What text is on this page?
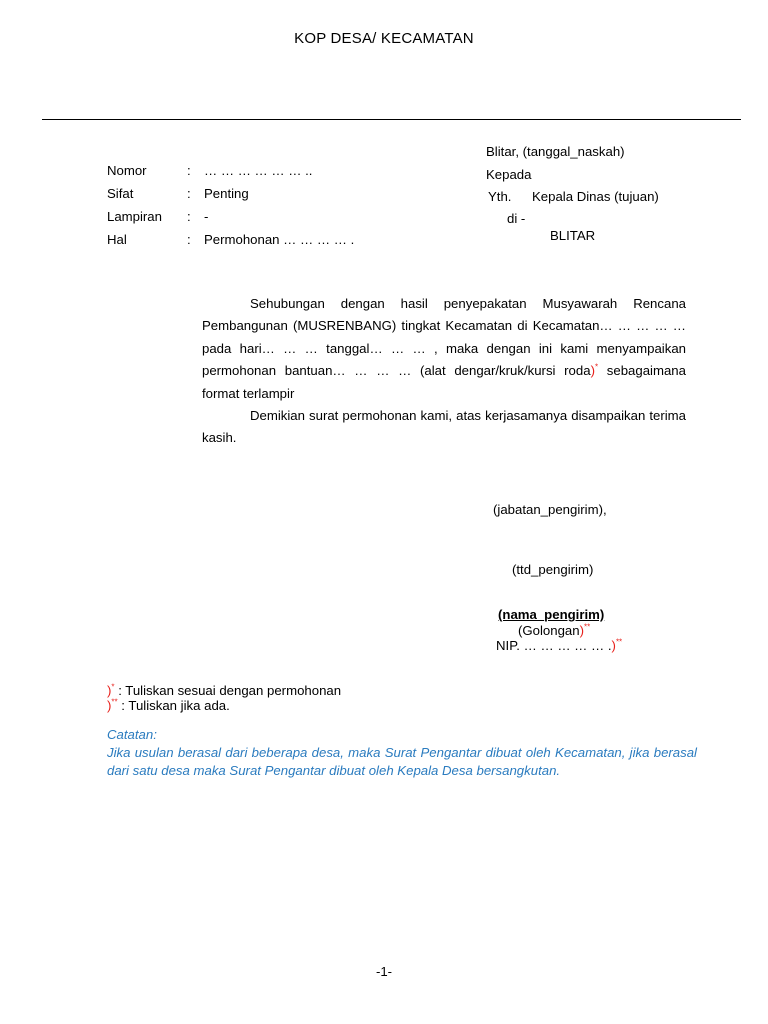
KOP DESA/ KECAMATAN
Blitar, (tanggal_naskah)
Kepada
Yth. Kepala Dinas (tujuan)
di -
BLITAR
Nomor	: … … … … … … ..
Sifat	: Penting
Lampiran : -
Hal	: Permohonan … … … … .

Sehubungan dengan hasil penyepakatan Musyawarah Rencana Pembangunan (MUSRENBANG) tingkat Kecamatan di Kecamatan… … … … … pada hari… … … tanggal… … … , maka dengan ini kami menyampaikan permohonan bantuan… … … … (alat dengar/kruk/kursi roda)* sebagaimana format terlampir

Demikian surat permohonan kami, atas kerjasamanya disampaikan terima kasih.

(jabatan_pengirim),
(ttd_pengirim)
(nama_pengirim)
(Golongan)**
NIP. … … … … … .)**
)* : Tuliskan sesuai dengan permohonan
)** : Tuliskan jika ada.
Catatan:
Jika usulan berasal dari beberapa desa, maka Surat Pengantar dibuat oleh Kecamatan, jika berasal dari satu desa maka Surat Pengantar dibuat oleh Kepala Desa bersangkutan.
-1-
